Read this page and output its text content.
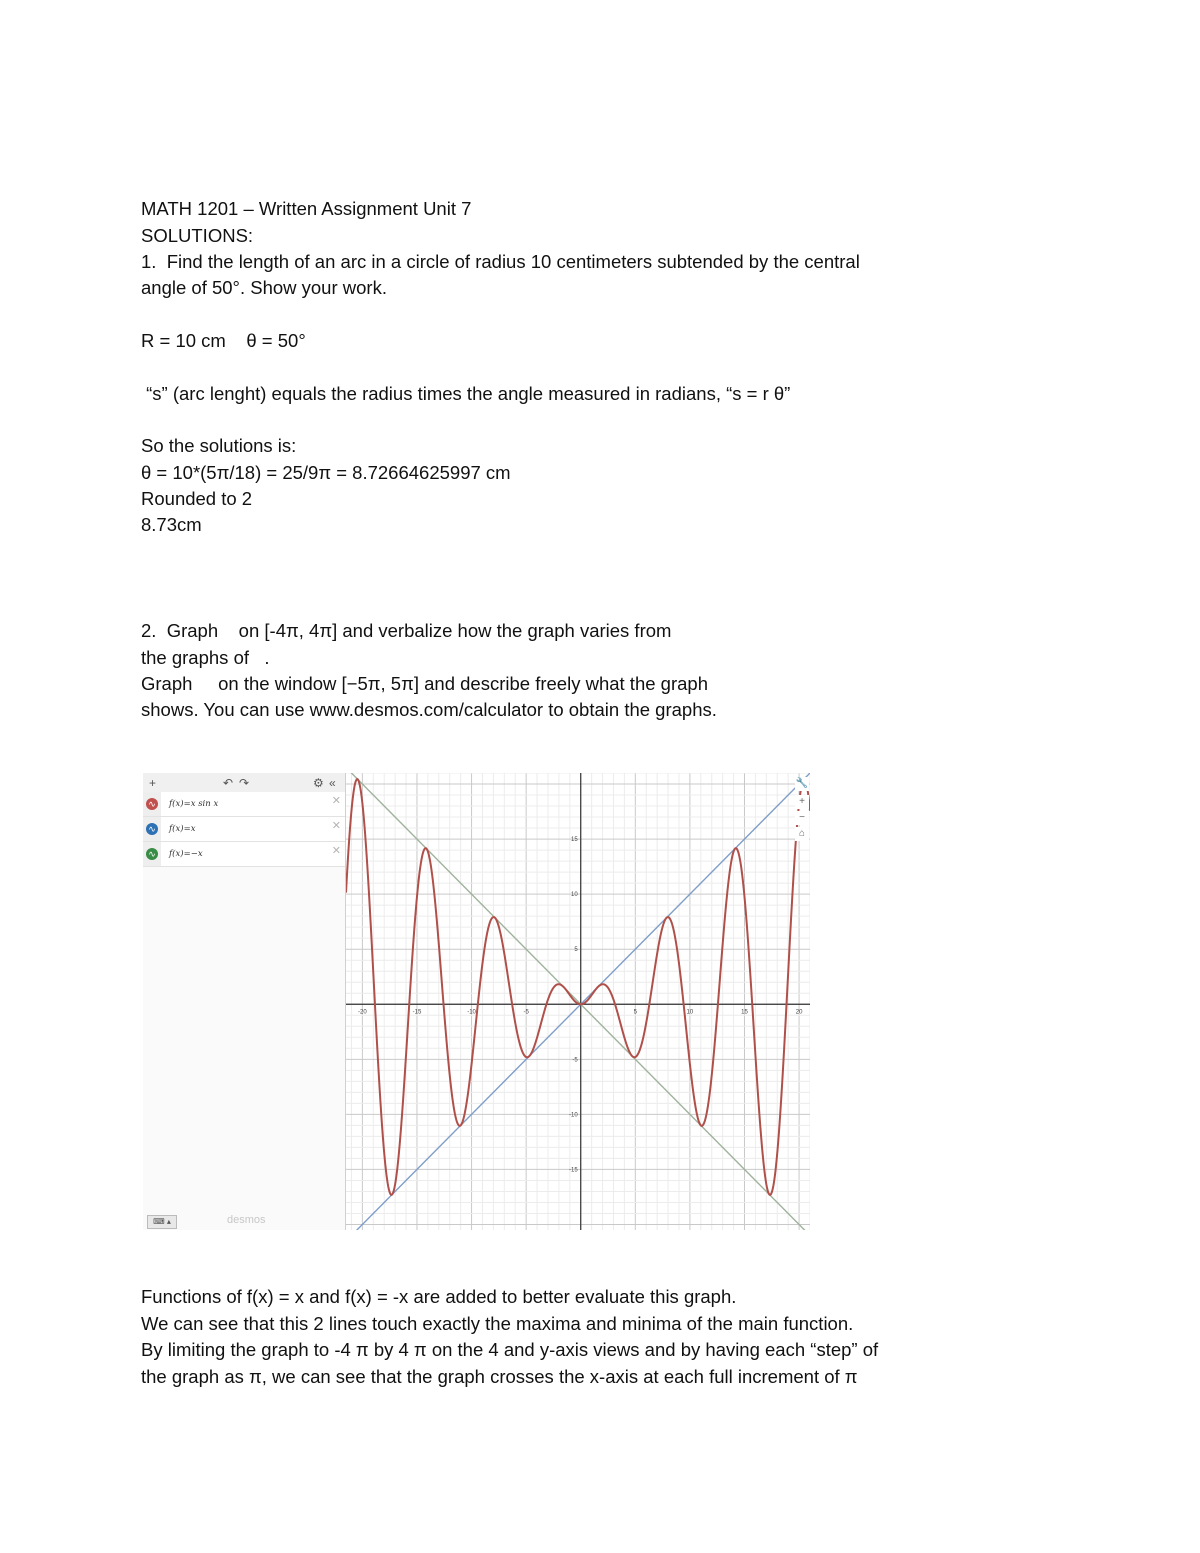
MATH 1201 – Written Assignment Unit 7
SOLUTIONS:
1.  Find the length of an arc in a circle of radius 10 centimeters subtended by the central
angle of 50°. Show your work.
R = 10 cm    θ = 50°
“s” (arc lenght) equals the radius times the angle measured in radians, “s = r θ”
So the solutions is:
θ = 10*(5π/18) = 25/9π = 8.72664625997 cm
Rounded to 2
8.73cm
2.  Graph    on [-4π, 4π] and verbalize how the graph varies from
the graphs of   .
Graph     on the window [−5π, 5π] and describe freely what the graph
shows. You can use www.desmos.com/calculator to obtain the graphs.
Functions of f(x) = x and f(x) = -x are added to better evaluate this graph.
We can see that this 2 lines touch exactly the maxima and minima of the main function.
By limiting the graph to -4 π by 4 π on the 4 and y-axis views and by having each “step” of
the graph as π, we can see that the graph crosses the x-axis at each full increment of π
+	↶ ↷	⚙ «
∿ f(x)=x sin x	✕
∿ f(x)=x	✕
∿ f(x)=−x	✕
⌨ ▴	desmos
-20	-15	-10	-5	5	10	15	20
-15
-10
-5
5
10
15
🔧
+
−
⌂
